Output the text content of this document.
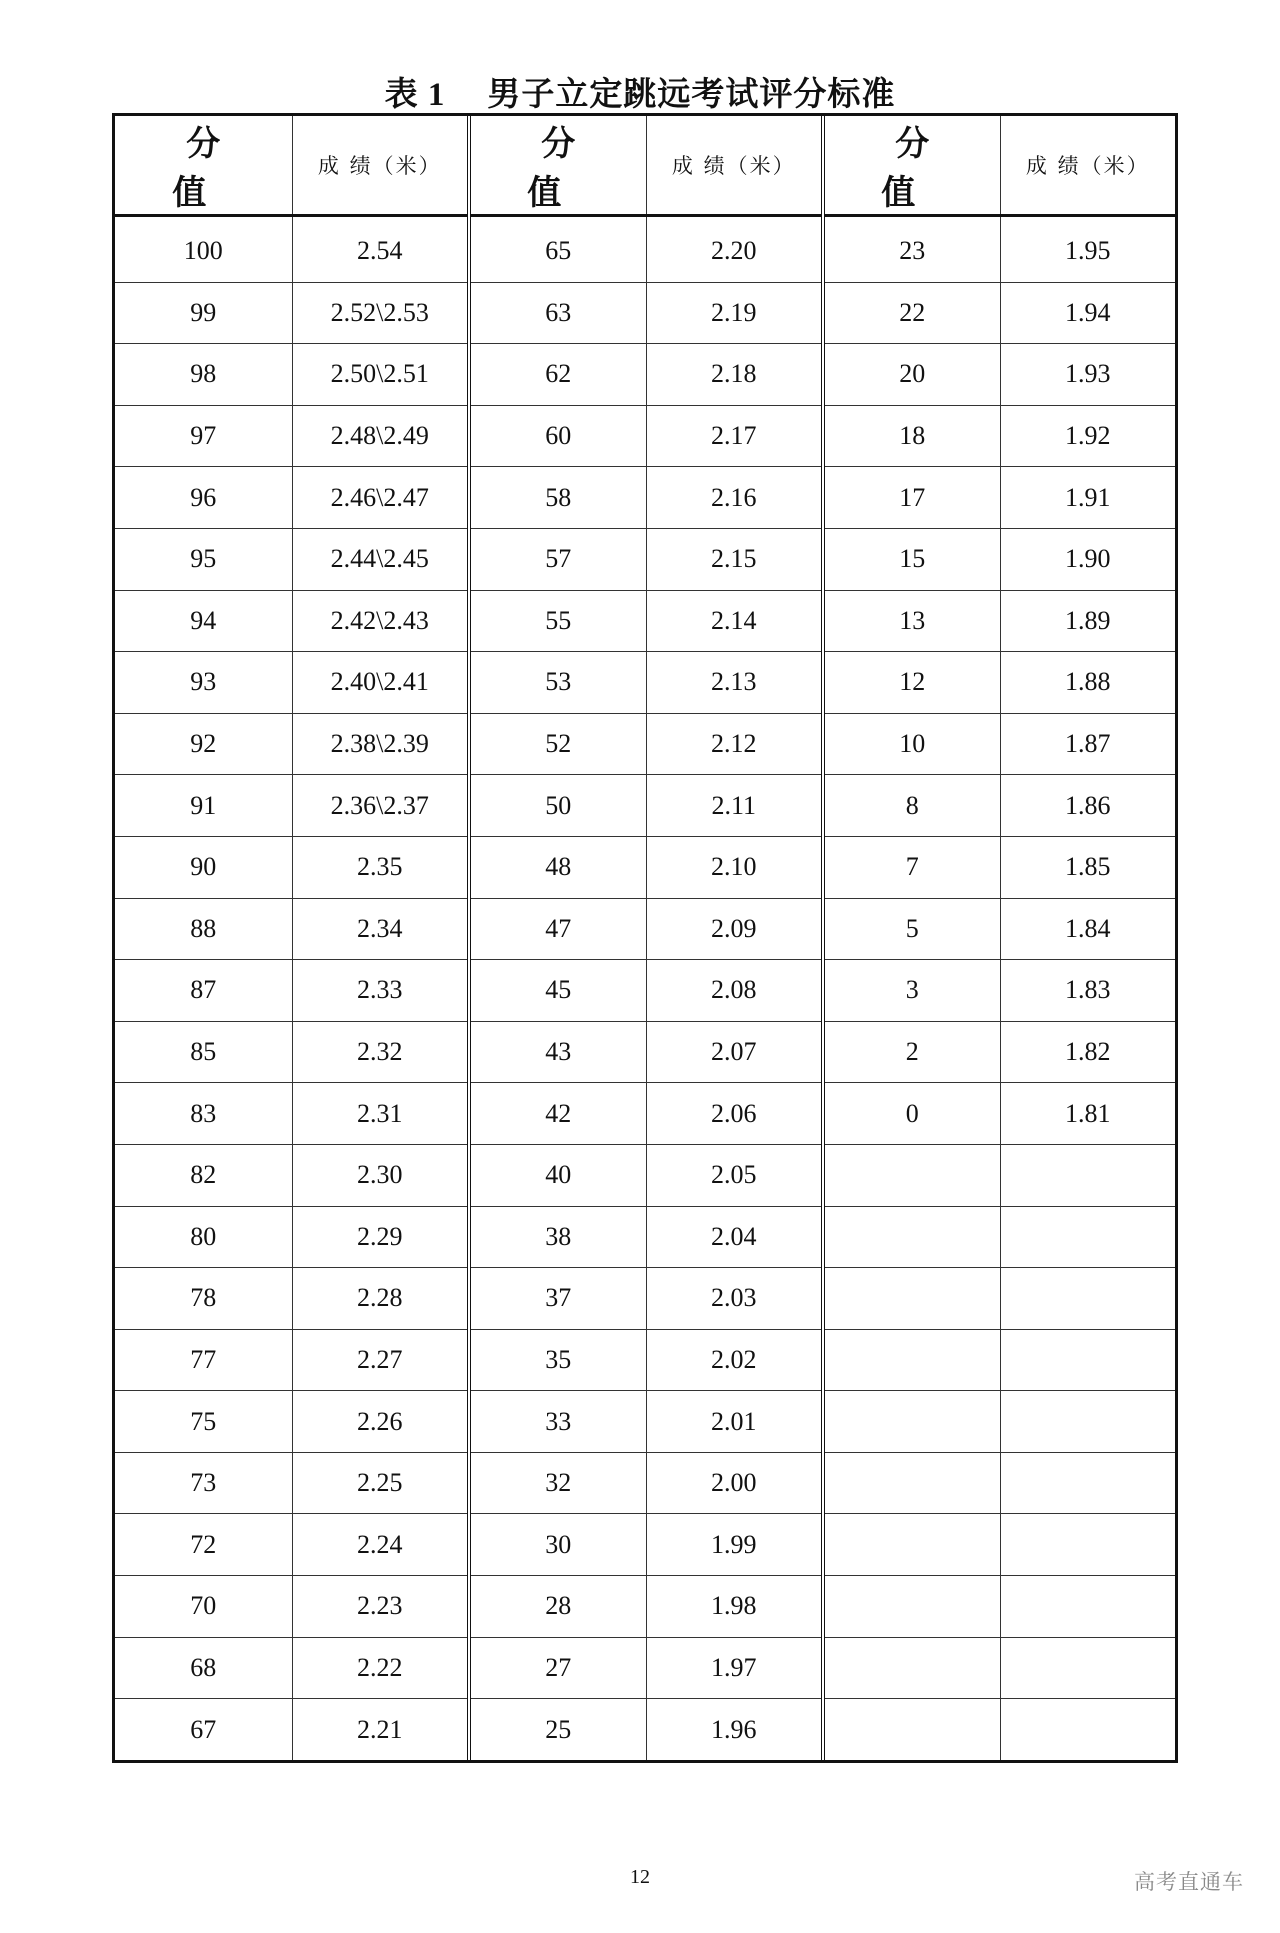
表 1 男子立定跳远考试评分标准
分 值	成 绩（米）	分 值	成 绩（米）	分 值	成 绩（米）
100	2.54	65	2.20	23	1.95
99	2.52\2.53	63	2.19	22	1.94
98	2.50\2.51	62	2.18	20	1.93
97	2.48\2.49	60	2.17	18	1.92
96	2.46\2.47	58	2.16	17	1.91
95	2.44\2.45	57	2.15	15	1.90
94	2.42\2.43	55	2.14	13	1.89
93	2.40\2.41	53	2.13	12	1.88
92	2.38\2.39	52	2.12	10	1.87
91	2.36\2.37	50	2.11	8	1.86
90	2.35	48	2.10	7	1.85
88	2.34	47	2.09	5	1.84
87	2.33	45	2.08	3	1.83
85	2.32	43	2.07	2	1.82
83	2.31	42	2.06	0	1.81
82	2.30	40	2.05		
80	2.29	38	2.04		
78	2.28	37	2.03		
77	2.27	35	2.02		
75	2.26	33	2.01		
73	2.25	32	2.00		
72	2.24	30	1.99		
70	2.23	28	1.98		
68	2.22	27	1.97		
67	2.21	25	1.96		
12	高考直通车
